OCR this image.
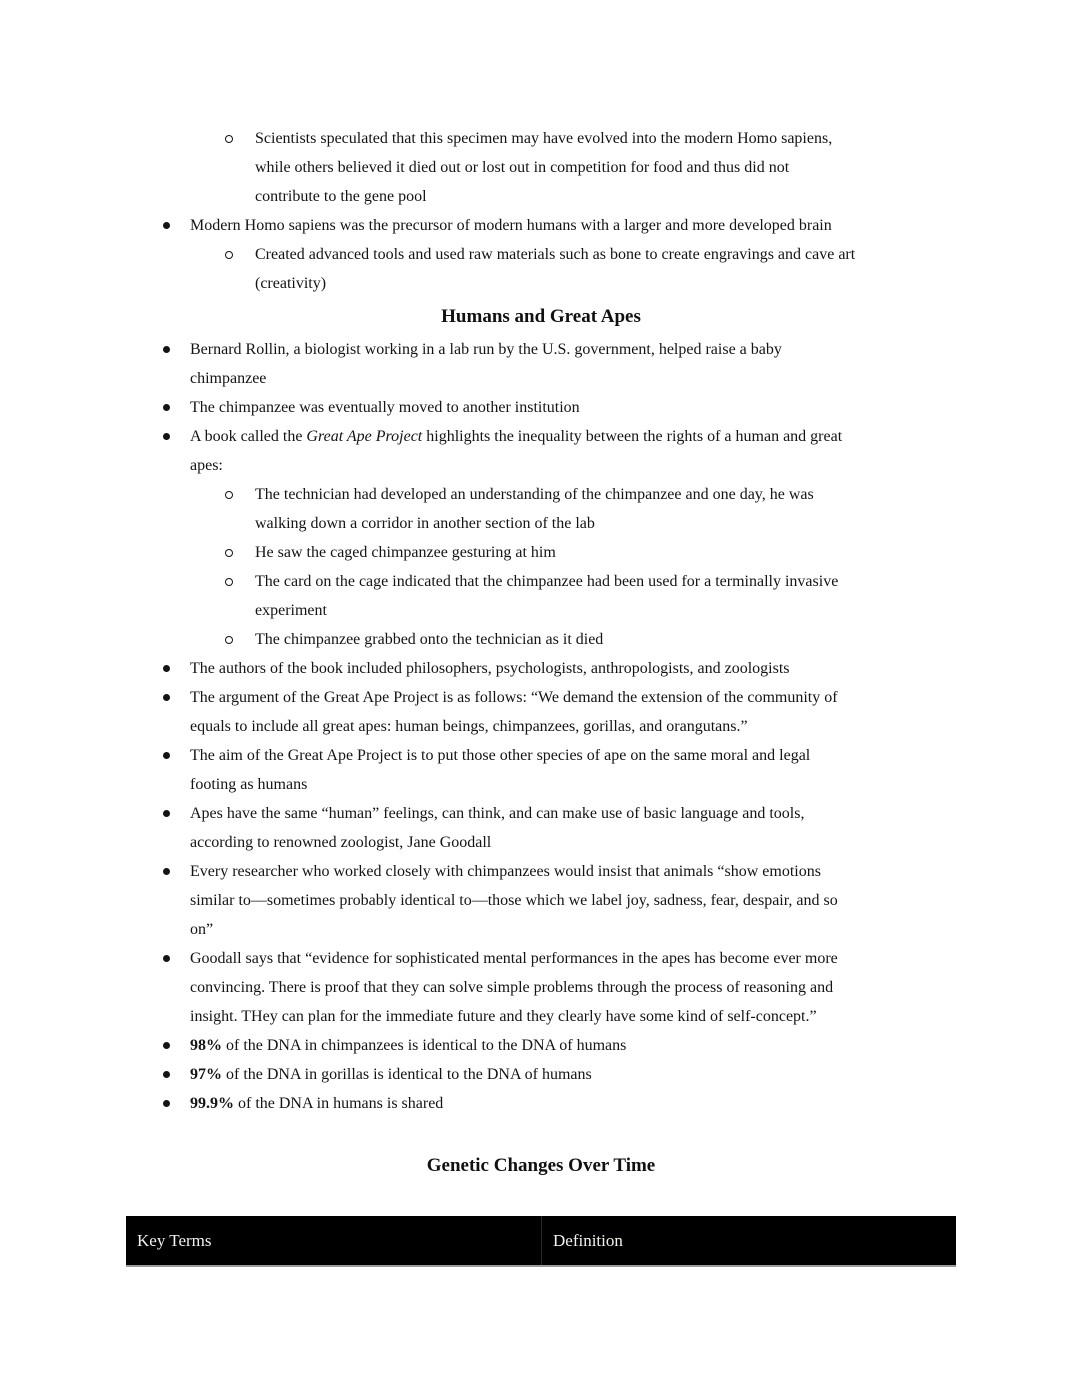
Scientists speculated that this specimen may have evolved into the modern Homo sapiens,
while others believed it died out or lost out in competition for food and thus did not
contribute to the gene pool
Modern Homo sapiens was the precursor of modern humans with a larger and more developed brain
Created advanced tools and used raw materials such as bone to create engravings and cave art
(creativity)
Humans and Great Apes
Bernard Rollin, a biologist working in a lab run by the U.S. government, helped raise a baby
chimpanzee
The chimpanzee was eventually moved to another institution
A book called the Great Ape Project highlights the inequality between the rights of a human and great
apes:
The technician had developed an understanding of the chimpanzee and one day, he was
walking down a corridor in another section of the lab
He saw the caged chimpanzee gesturing at him
The card on the cage indicated that the chimpanzee had been used for a terminally invasive
experiment
The chimpanzee grabbed onto the technician as it died
The authors of the book included philosophers, psychologists, anthropologists, and zoologists
The argument of the Great Ape Project is as follows: “We demand the extension of the community of
equals to include all great apes: human beings, chimpanzees, gorillas, and orangutans.”
The aim of the Great Ape Project is to put those other species of ape on the same moral and legal
footing as humans
Apes have the same “human” feelings, can think, and can make use of basic language and tools,
according to renowned zoologist, Jane Goodall
Every researcher who worked closely with chimpanzees would insist that animals “show emotions
similar to—sometimes probably identical to—those which we label joy, sadness, fear, despair, and so
on”
Goodall says that “evidence for sophisticated mental performances in the apes has become ever more
convincing. There is proof that they can solve simple problems through the process of reasoning and
insight. THey can plan for the immediate future and they clearly have some kind of self-concept.”
98% of the DNA in chimpanzees is identical to the DNA of humans
97% of the DNA in gorillas is identical to the DNA of humans
99.9% of the DNA in humans is shared
Genetic Changes Over Time
Key Terms	Definition
